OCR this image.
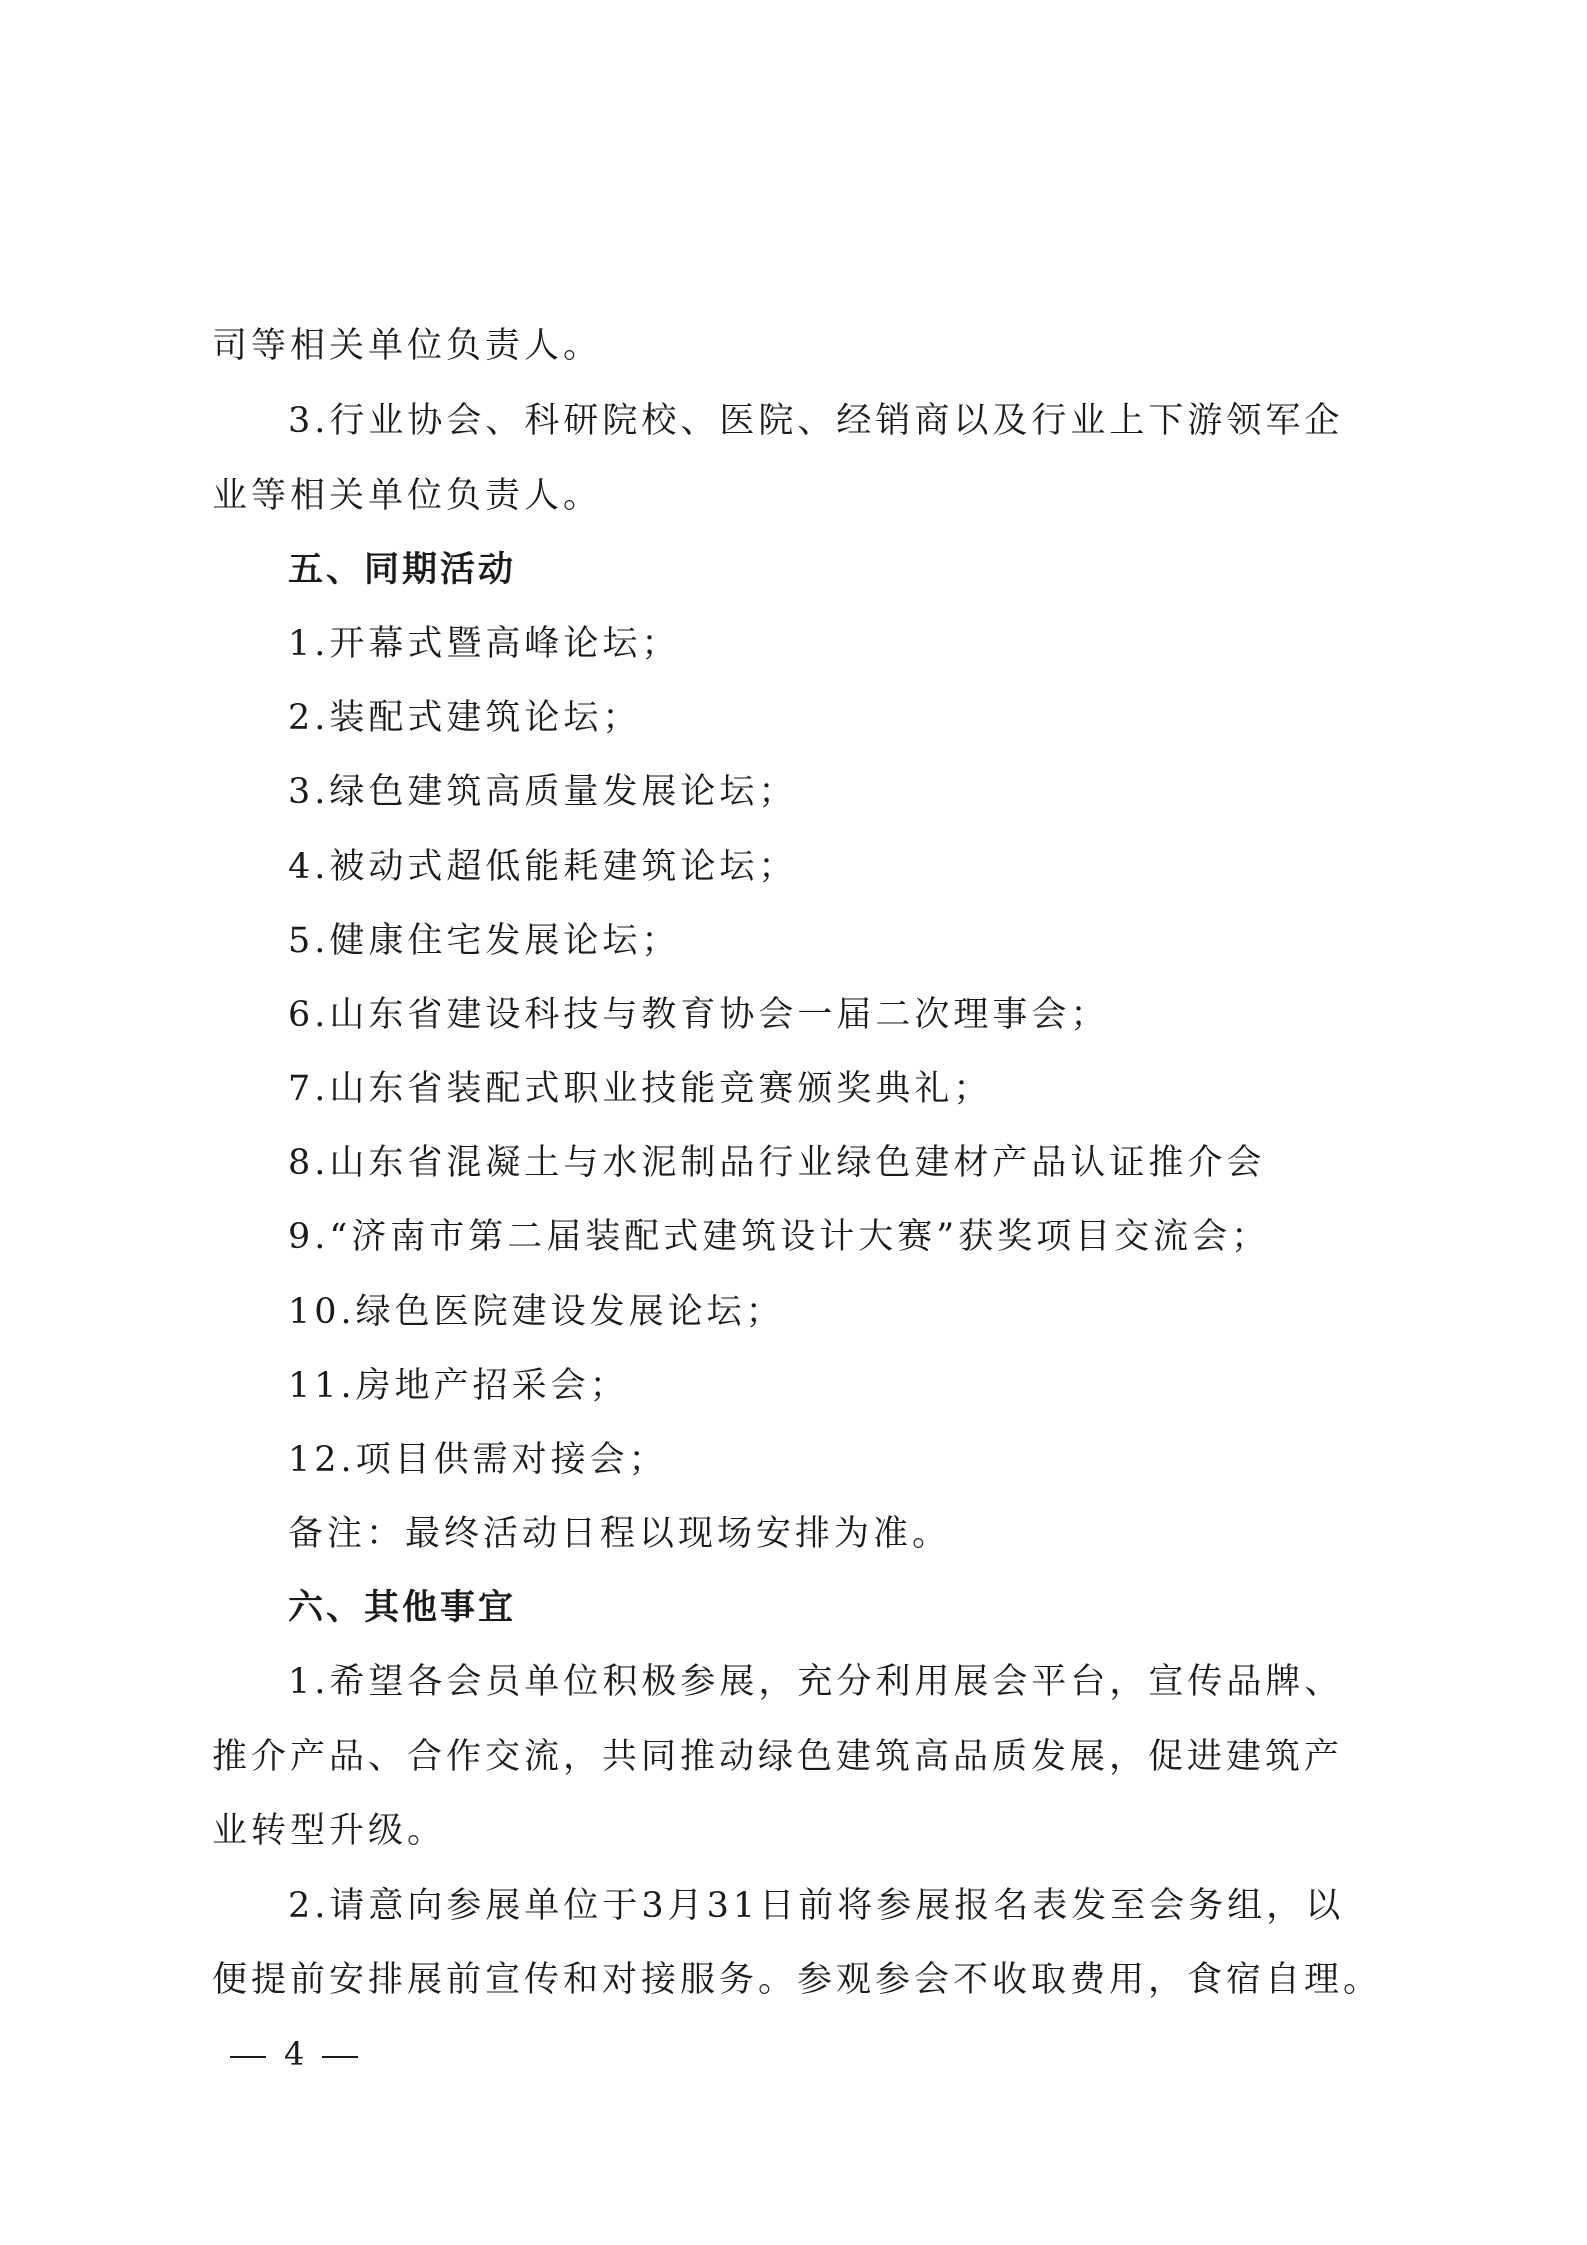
司等相关单位负责人。
3.行业协会、科研院校、医院、经销商以及行业上下游领军企
业等相关单位负责人。
五、同期活动
1.开幕式暨高峰论坛；
2.装配式建筑论坛；
3.绿色建筑高质量发展论坛；
4.被动式超低能耗建筑论坛；
5.健康住宅发展论坛；
6.山东省建设科技与教育协会一届二次理事会；
7.山东省装配式职业技能竞赛颁奖典礼；
8.山东省混凝土与水泥制品行业绿色建材产品认证推介会
9.“济南市第二届装配式建筑设计大赛”获奖项目交流会；
10.绿色医院建设发展论坛；
11.房地产招采会；
12.项目供需对接会；
备注：最终活动日程以现场安排为准。
六、其他事宜
1.希望各会员单位积极参展，充分利用展会平台，宣传品牌、
推介产品、合作交流，共同推动绿色建筑高品质发展，促进建筑产
业转型升级。
2.请意向参展单位于3月31日前将参展报名表发至会务组，以
便提前安排展前宣传和对接服务。参观参会不收取费用，食宿自理。
4
